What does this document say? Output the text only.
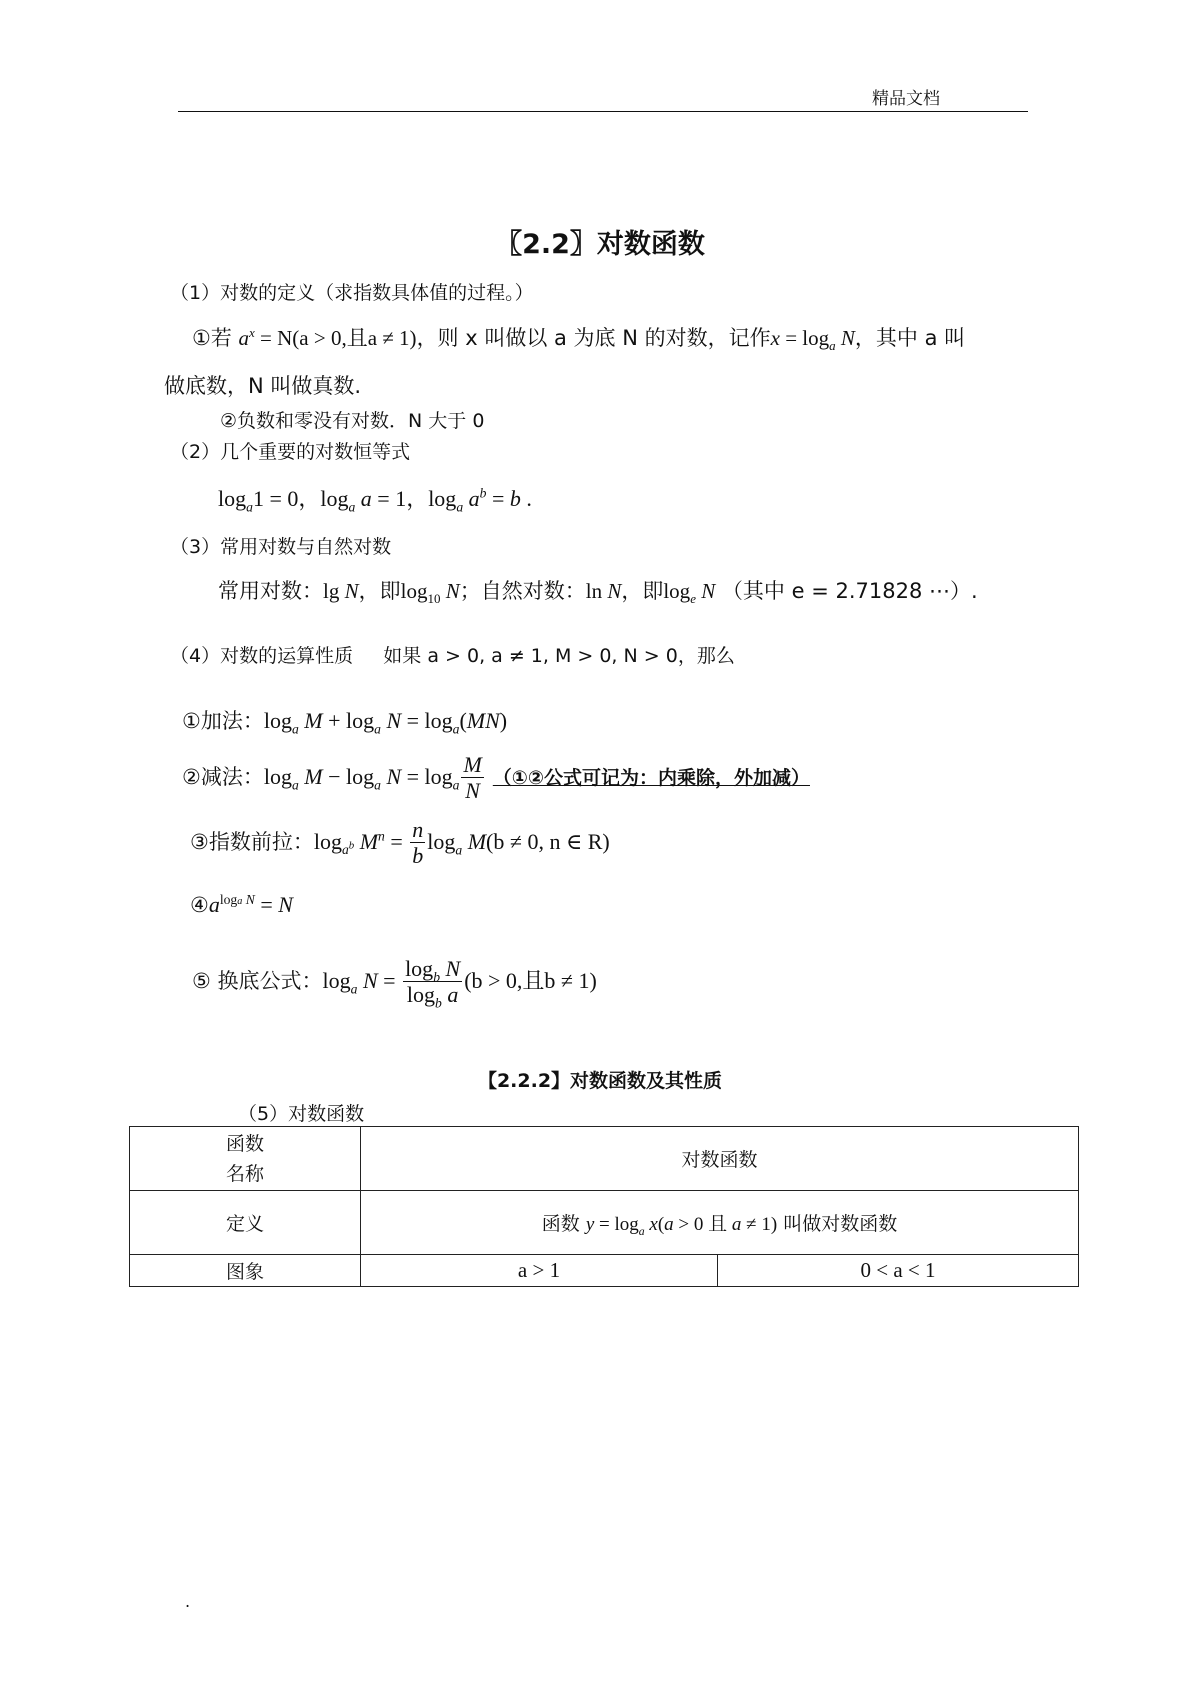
精品文档
〖2.2〗对数函数
（1）对数的定义（求指数具体值的过程。）
①若 $a^x = N(a > 0$,且a ≠ 1)，则 x 叫做以 a 为底 N 的对数，记作$x = \log_a N$，其中 a 叫
做底数，N 叫做真数.
②负数和零没有对数．N 大于 0
（2）几个重要的对数恒等式
$\log_a1 = 0$，$\log_a a = 1$，$\log_a a^b = b$ .
（3）常用对数与自然对数
常用对数：lg N，即$\log_{10} N$；自然对数：ln N，即$\log_e N$ （其中 e = 2.71828 ⋯）.
（4）对数的运算性质 如果 a > 0, a ≠ 1, M > 0, N > 0，那么
①加法：$\log_a M + \log_a N = \log_a(MN)$
②减法：$\log_a M - \log_a N = \log_a \frac{M}{N}$ （①②公式可记为：内乘除，外加减）
③指数前拉：$\log_{a^b} M^n = \frac{n}{b} \log_a M(b \ne 0$, n ∈ R)
$④a^{loga N} = N$
⑤ 换底公式：$\log_a N = \frac{\log_b N}{\log_b a} (b > 0$,且b ≠ 1)
【2.2.2】对数函数及其性质
（5）对数函数
函数
名称	对数函数	
定义	函数 $y = \log_a x(a > 0$ 且 a ≠ 1) 叫做对数函数	
图象	a > 1	0 < a < 1
.
